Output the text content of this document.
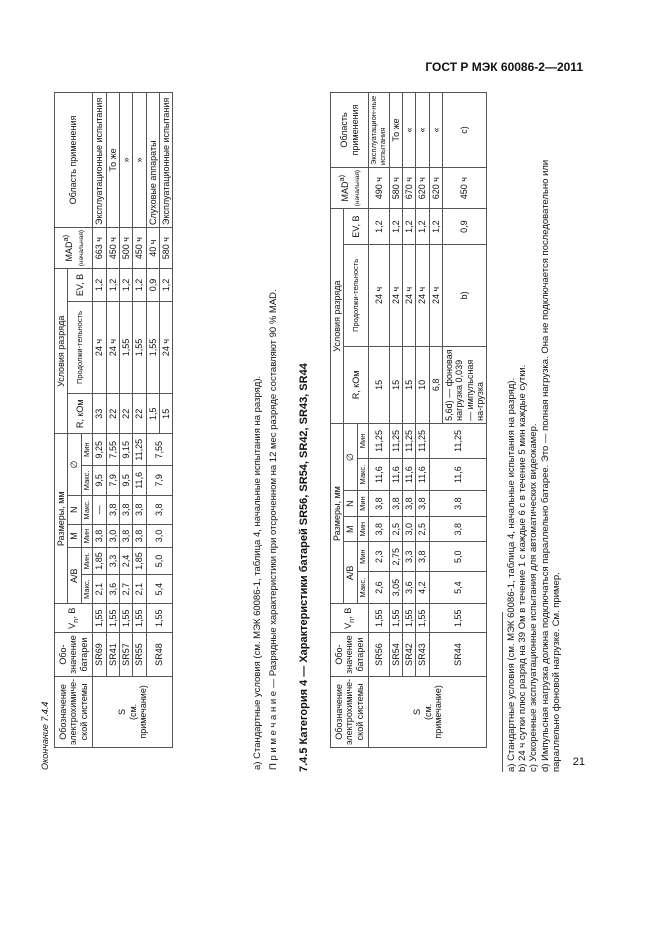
ГОСТ Р МЭК 60086-2—2011
Окончание 7.4.4 Обозначение электрохимиче-ской системы	Обо-значение батареи	$V_n$, В	Размеры, мм						Условия разряда			MAD$^{a)}$ (начальная)	Область применения
			A/B		M	N	∅		R, кОм	Продолжи-тельность	EV, В		
			Макс.	Мин.	Мин	Макс.	Макс.	Мин					
S
(см.
примечание)	SR69	1,55	2,1	1,85	3,8	—	9,5	9,25	33	24 ч	1,2	663 ч	Эксплуатационные испытания
	SR41	1,55	3,6	3,3	3,0	3,8	7,9	7,55	22	24 ч	1,2	450 ч	То же
	SR57	1,55	2,7	2,4	3,8	3,8	9,5	9,15	22	1,55	1,2	500 ч	»
	SR55	1,55	2,1	1,85	3,8	3,8	11,6	11,25	22	1,55	1,2	450 ч	»
	SR48	1,55	5,4	5,0	3,0	3,8	7,9	7,55	1,5	1,55	0,9	40 ч	Слуховые аппараты
									15	24 ч	1,2	580 ч	Эксплуатационные испытания
a) Стандартные условия (см. МЭК 60086-1, таблица 4, начальные испытания на разряд). П р и м е ч а н и е — Разрядные характеристики при отсроченном на 12 мес разряде составляют 90 % MAD. 7.4.5 Категория 4 — Характеристики батарей SR56, SR54, SR42, SR43, SR44	Обозначение электрохимиче-ской системы	Обо-значение батареи	$V_n$, В	Размеры, мм						Условия разряда			MAD$^{a)}$ (начальная)	Область применения
			A/B		M	N	∅		R, кОм	Продолжи-тельность	EV, В		
			Макс.	Мин	Мин	Мин	Макс.	Мин					
S
(см.
примечание)	SR56	1,55	2,6	2,3	3,8	3,8	11,6	11,25	15	24 ч	1,2	490 ч	Эксплуатацион-ные испытания
	SR54	1,55	3,05	2,75	2,5	3,8	11,6	11,25	15	24 ч	1,2	580 ч	То же
	SR42	1,55	3,6	3,3	3,0	3,8	11,6	11,25	15	24 ч	1,2	670 ч	«
	SR43	1,55	4,2	3,8	2,5	3,8	11,6	11,25	10	24 ч	1,2	620 ч	«
	SR44	1,55	5,4	5,0	3,8	3,8	11,6	11,25	6,8	24 ч	1,2	620 ч	«
									5,6d) — фоновая нагрузка 0,039 — импульсная на-грузка	b)	0,9	450 ч	c)
a) Стандартные условия (см. МЭК 60086-1, таблица 4, начальные испытания на разряд). b) 24 ч сутки плюс разряд на 39 Ом в течение 1 с каждые 6 с в течение 5 мин каждые сутки. c) Ускоренные эксплуатационные испытания для автоматических видеокамер. d) Импульсная нагрузка должна подключаться параллельно батарее. Это — полная нагрузка. Она не подключается последовательно или параллельно фоновой нагрузке. См. пример. 21
